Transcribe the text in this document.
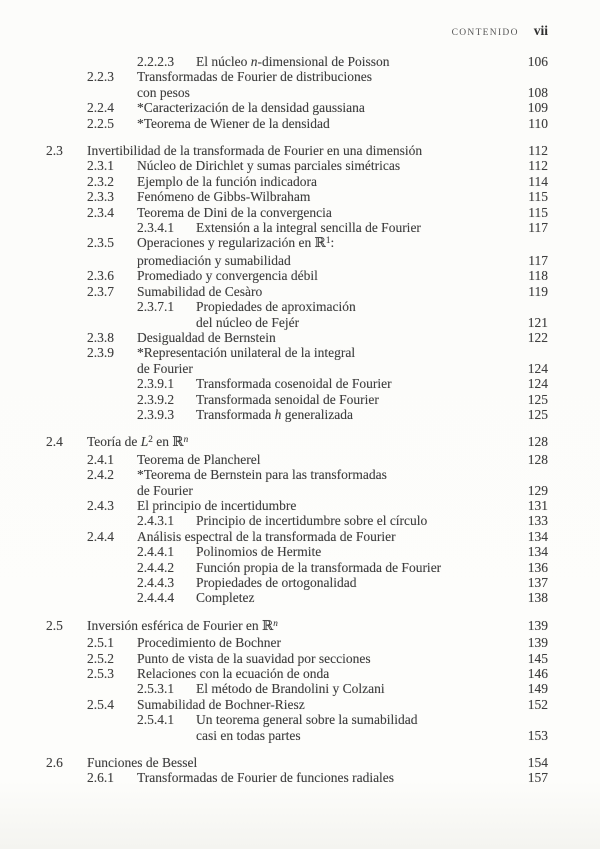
CONTENIDO vii
2.2.2.3	El núcleo n-dimensional de Poisson	106
2.2.3	Transformadas de Fourier de distribuciones
con pesos	108
2.2.4	*Caracterización de la densidad gaussiana	109
2.2.5	*Teorema de Wiener de la densidad	110
2.3	Invertibilidad de la transformada de Fourier en una dimensión	112
2.3.1	Núcleo de Dirichlet y sumas parciales simétricas	112
2.3.2	Ejemplo de la función indicadora	114
2.3.3	Fenómeno de Gibbs-Wilbraham	115
2.3.4	Teorema de Dini de la convergencia	115
2.3.4.1	Extensión a la integral sencilla de Fourier	117
2.3.5	Operaciones y regularización en ℝ$^1$:
promediación y sumabilidad	117
2.3.6	Promediado y convergencia débil	118
2.3.7	Sumabilidad de Cesàro	119
2.3.7.1	Propiedades de aproximación
del núcleo de Fejér	121
2.3.8	Desigualdad de Bernstein	122
2.3.9	*Representación unilateral de la integral
de Fourier	124
2.3.9.1	Transformada cosenoidal de Fourier	124
2.3.9.2	Transformada senoidal de Fourier	125
2.3.9.3	Transformada h generalizada	125
2.4	Teoría de $L^2$ en ℝ$^n$	128
2.4.1	Teorema de Plancherel	128
2.4.2	*Teorema de Bernstein para las transformadas
de Fourier	129
2.4.3	El principio de incertidumbre	131
2.4.3.1	Principio de incertidumbre sobre el círculo	133
2.4.4	Análisis espectral de la transformada de Fourier	134
2.4.4.1	Polinomios de Hermite	134
2.4.4.2	Función propia de la transformada de Fourier	136
2.4.4.3	Propiedades de ortogonalidad	137
2.4.4.4	Completez	138
2.5	Inversión esférica de Fourier en ℝ$^n$	139
2.5.1	Procedimiento de Bochner	139
2.5.2	Punto de vista de la suavidad por secciones	145
2.5.3	Relaciones con la ecuación de onda	146
2.5.3.1	El método de Brandolini y Colzani	149
2.5.4	Sumabilidad de Bochner-Riesz	152
2.5.4.1	Un teorema general sobre la sumabilidad
casi en todas partes	153
2.6	Funciones de Bessel	154
2.6.1	Transformadas de Fourier de funciones radiales	157
